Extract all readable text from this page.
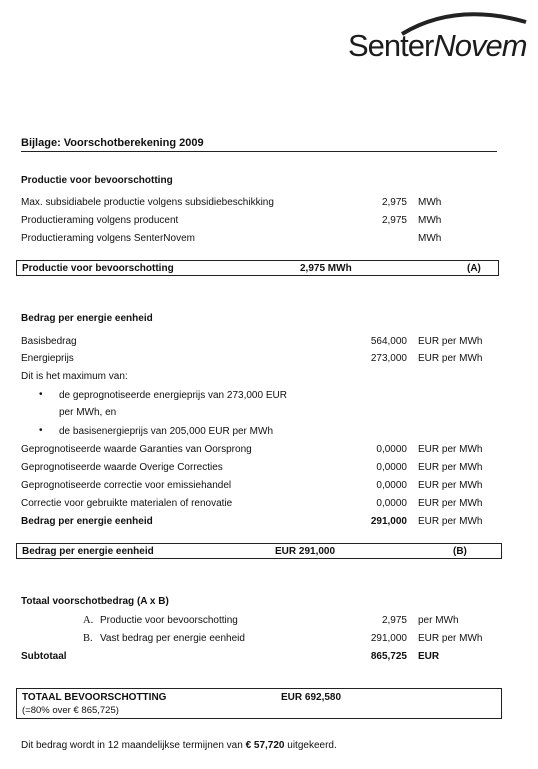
SenterNovem
Bijlage: Voorschotberekening 2009
Productie voor bevoorschotting
Max. subsidiabele productie volgens subsidiebeschikking	2,975 MWh
Productieraming volgens producent	2,975 MWh
Productieraming volgens SenterNovem	MWh
Productie voor bevoorschotting	2,975 MWh	(A)
Bedrag per energie eenheid
Basisbedrag	564,000 EUR per MWh
Energieprijs	273,000 EUR per MWh
Dit is het maximum van:
• de geprognotiseerde energieprijs van 273,000 EUR
per MWh, en
• de basisenergieprijs van 205,000 EUR per MWh
Geprognotiseerde waarde Garanties van Oorsprong	0,0000 EUR per MWh
Geprognotiseerde waarde Overige Correcties	0,0000 EUR per MWh
Geprognotiseerde correctie voor emissiehandel	0,0000 EUR per MWh
Correctie voor gebruikte materialen of renovatie	0,0000 EUR per MWh
Bedrag per energie eenheid	291,000 EUR per MWh
Bedrag per energie eenheid	EUR 291,000	(B)
Totaal voorschotbedrag (A x B)
A. Productie voor bevoorschotting	2,975 per MWh
B. Vast bedrag per energie eenheid	291,000 EUR per MWh
Subtotaal	865,725 EUR
TOTAAL BEVOORSCHOTTING	EUR 692,580
(=80% over € 865,725)
Dit bedrag wordt in 12 maandelijkse termijnen van € 57,720 uitgekeerd.
